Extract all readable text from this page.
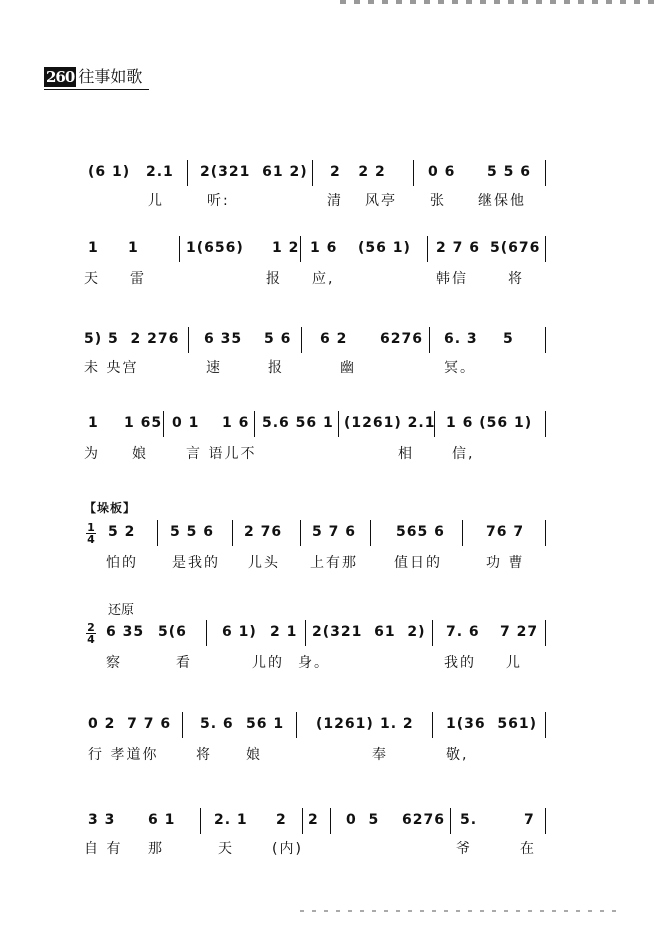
260 往事如歌
(6 1) 2.1 2(321  61 2) 2   2 2	0 6 5 5 6
儿	听:	清 风亭 张 继保他
1 1	1(656) 1 2 1 6 (56 1) 2 7 6 5(676
天 雷	报 应,	韩信	将
5) 5  2 276 6 35 5 6 6 2 6276 6. 3 5
未 央宫	速	报	幽	冥。
1 1 65 0 1 1 6 5.6 56 1 (1261) 2.1 1 6 (56 1)
为 娘	言 语儿不	相	信,
【垛板】
1
4 5 2 5 5 6 2 76 5 7 6	565 6	76 7
怕的 是我的 儿头 上有那	值日的	功 曹
还原
2
4 6 35 5(6	6 1) 2 1 2(321  61  2) 7. 6 7 27
察	看	儿的 身。	我的 儿
0 2  7 7 6 5. 6 56 1 (1261) 1. 2 1(36  561)
行 孝道你	将 娘	奉	敬,
3 3 6 1	2. 1 2 2 0  5 6276 5.	7
自 有 那	天	(内)	爷	在
